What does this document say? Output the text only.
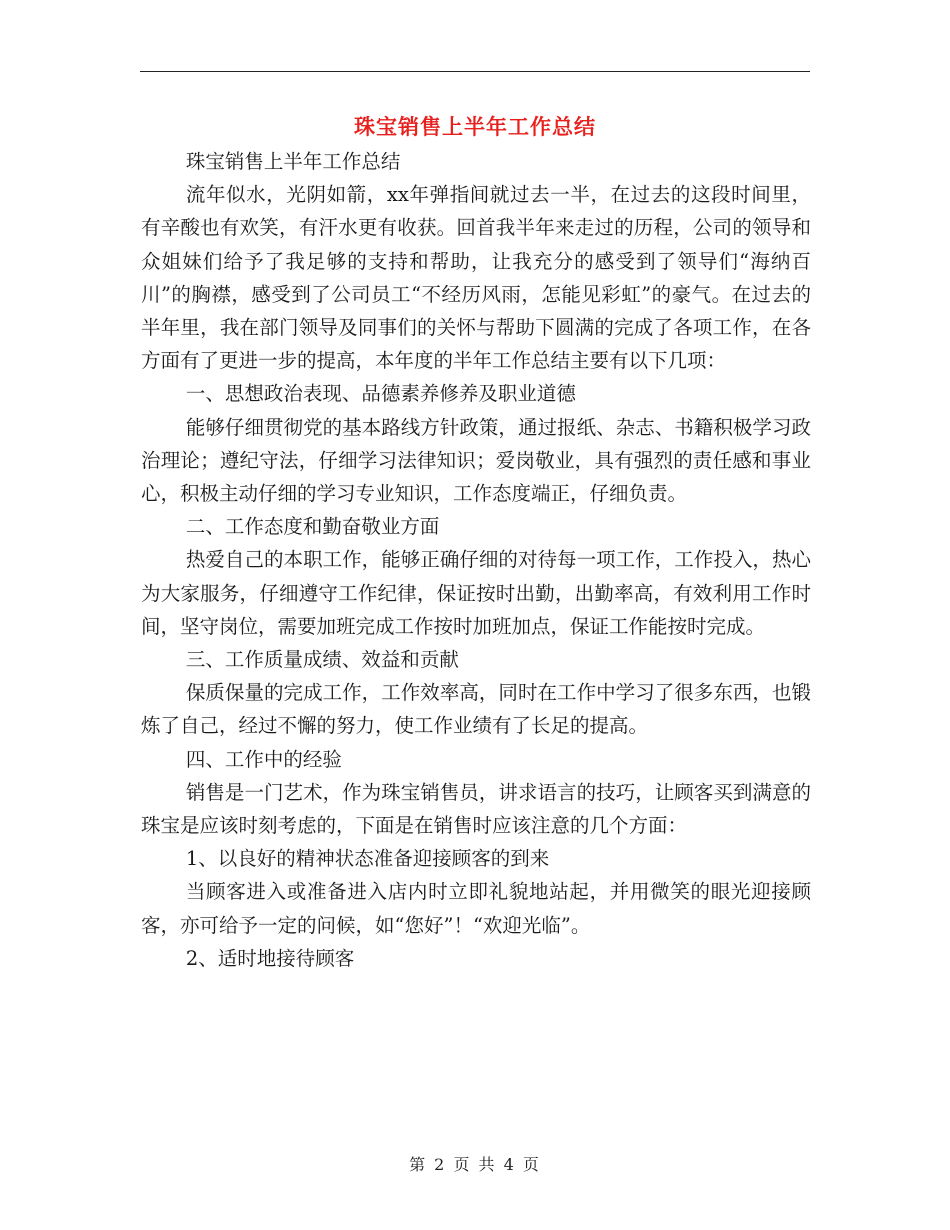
珠宝销售上半年工作总结

珠宝销售上半年工作总结

流年似水，光阴如箭，xx年弹指间就过去一半，在过去的这段时间里，有辛酸也有欢笑，有汗水更有收获。回首我半年来走过的历程，公司的领导和众姐妹们给予了我足够的支持和帮助，让我充分的感受到了领导们“海纳百川”的胸襟，感受到了公司员工“不经历风雨，怎能见彩虹”的豪气。在过去的半年里，我在部门领导及同事们的关怀与帮助下圆满的完成了各项工作，在各方面有了更进一步的提高，本年度的半年工作总结主要有以下几项：

一、思想政治表现、品德素养修养及职业道德

能够仔细贯彻党的基本路线方针政策，通过报纸、杂志、书籍积极学习政治理论；遵纪守法，仔细学习法律知识；爱岗敬业，具有强烈的责任感和事业心，积极主动仔细的学习专业知识，工作态度端正，仔细负责。

二、工作态度和勤奋敬业方面

热爱自己的本职工作，能够正确仔细的对待每一项工作，工作投入，热心为大家服务，仔细遵守工作纪律，保证按时出勤，出勤率高，有效利用工作时间，坚守岗位，需要加班完成工作按时加班加点，保证工作能按时完成。

三、工作质量成绩、效益和贡献

保质保量的完成工作，工作效率高，同时在工作中学习了很多东西，也锻炼了自己，经过不懈的努力，使工作业绩有了长足的提高。

四、工作中的经验

销售是一门艺术，作为珠宝销售员，讲求语言的技巧，让顾客买到满意的珠宝是应该时刻考虑的，下面是在销售时应该注意的几个方面：

1、以良好的精神状态准备迎接顾客的到来

当顾客进入或准备进入店内时立即礼貌地站起，并用微笑的眼光迎接顾客，亦可给予一定的问候，如“您好”！“欢迎光临”。

2、适时地接待顾客

第 2 页 共 4 页
